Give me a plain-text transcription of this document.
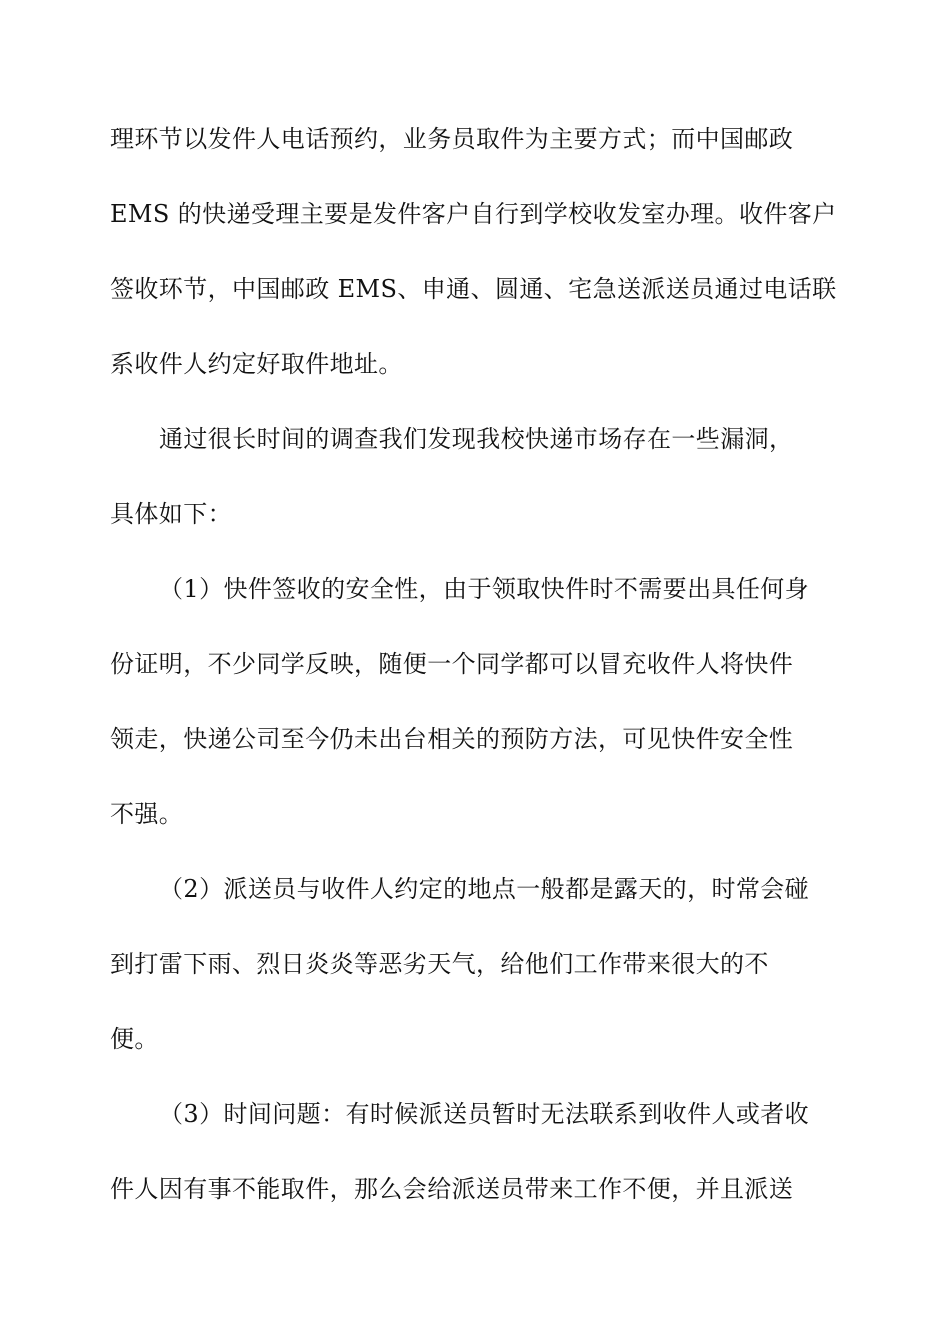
理环节以发件人电话预约，业务员取件为主要方式；而中国邮政
EMS 的快递受理主要是发件客户自行到学校收发室办理。收件客户
签收环节，中国邮政 EMS、申通、圆通、宅急送派送员通过电话联
系收件人约定好取件地址。
通过很长时间的调查我们发现我校快递市场存在一些漏洞，
具体如下：
（1）快件签收的安全性，由于领取快件时不需要出具任何身
份证明，不少同学反映，随便一个同学都可以冒充收件人将快件
领走，快递公司至今仍未出台相关的预防方法，可见快件安全性
不强。
（2）派送员与收件人约定的地点一般都是露天的，时常会碰
到打雷下雨、烈日炎炎等恶劣天气，给他们工作带来很大的不
便。
（3）时间问题：有时候派送员暂时无法联系到收件人或者收
件人因有事不能取件，那么会给派送员带来工作不便，并且派送
